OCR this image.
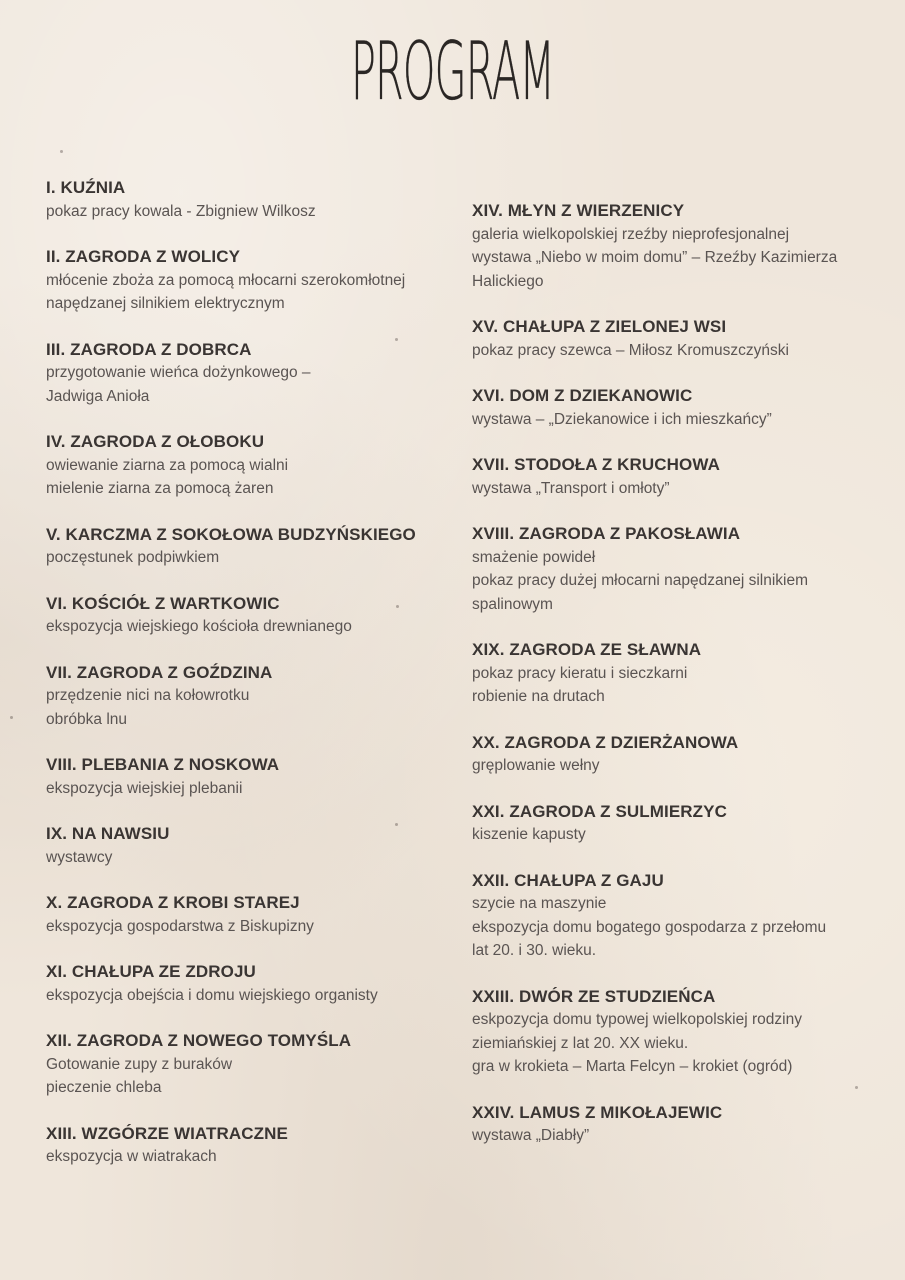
PROGRAM
I. KUŹNIA
pokaz pracy kowala - Zbigniew Wilkosz
II. ZAGRODA Z WOLICY
młócenie zboża za pomocą młocarni szerokomłotnej
napędzanej silnikiem elektrycznym
III. ZAGRODA Z DOBRCA
przygotowanie wieńca dożynkowego –
Jadwiga Anioła
IV. ZAGRODA Z OŁOBOKU
owiewanie ziarna za pomocą wialni
mielenie ziarna za pomocą żaren
V. KARCZMA Z SOKOŁOWA BUDZYŃSKIEGO
poczęstunek podpiwkiem
VI. KOŚCIÓŁ Z WARTKOWIC
ekspozycja wiejskiego kościoła drewnianego
VII. ZAGRODA Z GOŹDZINA
przędzenie nici na kołowrotku
obróbka lnu
VIII. PLEBANIA Z NOSKOWA
ekspozycja wiejskiej plebanii
IX. NA NAWSIU
wystawcy
X. ZAGRODA Z KROBI STAREJ
ekspozycja gospodarstwa z Biskupizny
XI. CHAŁUPA ZE ZDROJU
ekspozycja obejścia i domu wiejskiego organisty
XII. ZAGRODA Z NOWEGO TOMYŚLA
Gotowanie zupy z buraków
pieczenie chleba
XIII. WZGÓRZE WIATRACZNE
ekspozycja w wiatrakach
XIV. MŁYN Z WIERZENICY
galeria wielkopolskiej rzeźby nieprofesjonalnej
wystawa „Niebo w moim domu” – Rzeźby Kazimierza
Halickiego
XV. CHAŁUPA Z ZIELONEJ WSI
pokaz pracy szewca – Miłosz Kromuszczyński
XVI. DOM Z DZIEKANOWIC
wystawa – „Dziekanowice i ich mieszkańcy”
XVII. STODOŁA Z KRUCHOWA
wystawa „Transport i omłoty”
XVIII. ZAGRODA Z PAKOSŁAWIA
smażenie powideł
pokaz pracy dużej młocarni napędzanej silnikiem
spalinowym
XIX. ZAGRODA ZE SŁAWNA
pokaz pracy kieratu i sieczkarni
robienie na drutach
XX. ZAGRODA Z DZIERŻANOWA
gręplowanie wełny
XXI. ZAGRODA Z SULMIERZYC
kiszenie kapusty
XXII. CHAŁUPA Z GAJU
szycie na maszynie
ekspozycja domu bogatego gospodarza z przełomu
lat 20. i 30. wieku.
XXIII. DWÓR ZE STUDZIEŃCA
eskpozycja domu typowej wielkopolskiej rodziny
ziemiańskiej z lat 20. XX wieku.
gra w krokieta – Marta Felcyn – krokiet (ogród)
XXIV. LAMUS Z MIKOŁAJEWIC
wystawa „Diabły”
